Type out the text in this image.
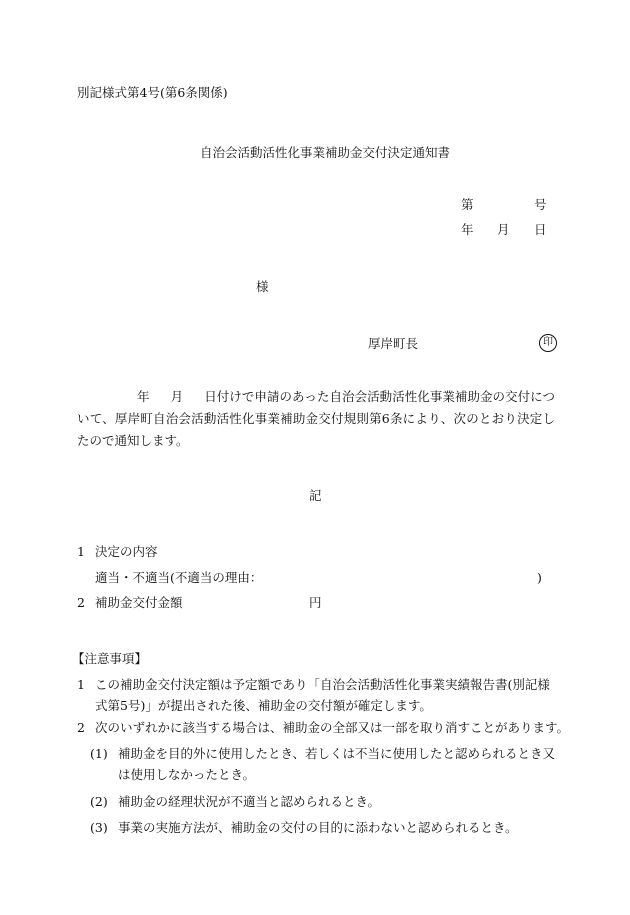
別記様式第4号(第6条関係)
自治会活動活性化事業補助金交付決定通知書
第	号
年 月 日
様
厚岸町長	印
年 月 日付けで申請のあった自治会活動活性化事業補助金の交付について、厚岸町自治会活動活性化事業補助金交付規則第6条により、次のとおり決定したので通知します。
記
1 決定の内容
適当・不適当(不適当の理由：	)
2 補助金交付金額	円
【注意事項】
1 この補助金交付決定額は予定額であり「自治会活動活性化事業実績報告書(別記様式第5号)」が提出された後、補助金の交付額が確定します。
2 次のいずれかに該当する場合は、補助金の全部又は一部を取り消すことがあります。
(1) 補助金を目的外に使用したとき、若しくは不当に使用したと認められるとき又は使用しなかったとき。
(2) 補助金の経理状況が不適当と認められるとき。
(3) 事業の実施方法が、補助金の交付の目的に添わないと認められるとき。
